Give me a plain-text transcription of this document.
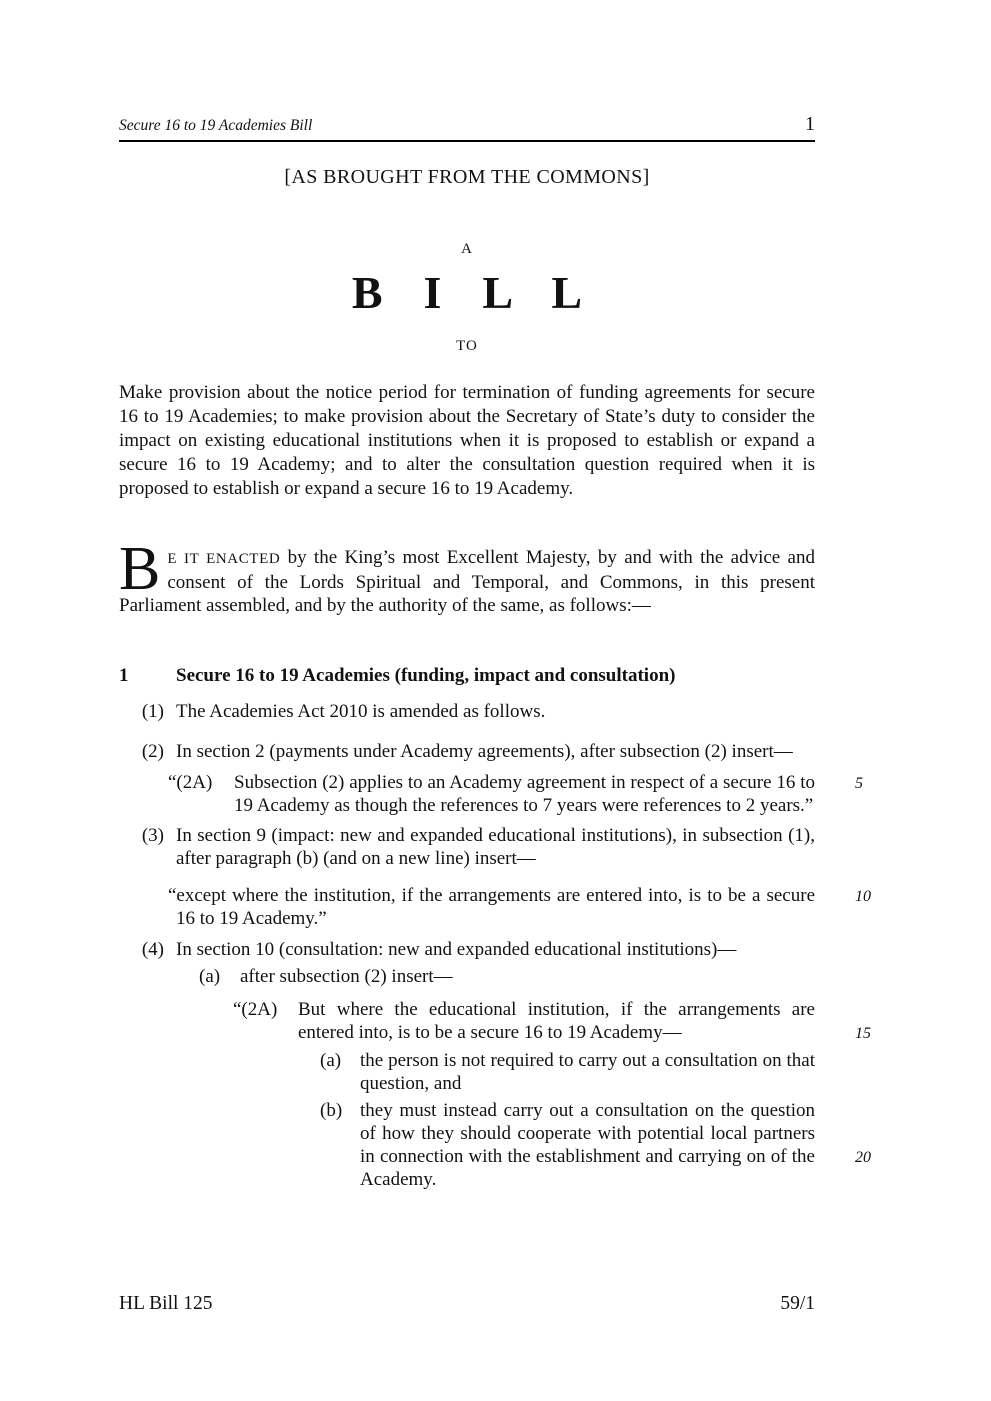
Secure 16 to 19 Academies Bill	1

[AS BROUGHT FROM THE COMMONS]

A

B I L L

TO

Make provision about the notice period for termination of funding agreements for secure 16 to 19 Academies; to make provision about the Secretary of State’s duty to consider the impact on existing educational institutions when it is proposed to establish or expand a secure 16 to 19 Academy; and to alter the consultation question required when it is proposed to establish or expand a secure 16 to 19 Academy.

B E IT ENACTED by the King’s most Excellent Majesty, by and with the advice and consent of the Lords Spiritual and Temporal, and Commons, in this present Parliament assembled, and by the authority of the same, as follows:—

1	Secure 16 to 19 Academies (funding, impact and consultation)

(1) The Academies Act 2010 is amended as follows.

(2) In section 2 (payments under Academy agreements), after subsection (2) insert—

“(2A) Subsection (2) applies to an Academy agreement in respect of a secure 16 to 19 Academy as though the references to 7 years were references to 2 years.”

5

(3) In section 9 (impact: new and expanded educational institutions), in subsection (1), after paragraph (b) (and on a new line) insert—

“except where the institution, if the arrangements are entered into, is to be a secure 16 to 19 Academy.”

10

(4) In section 10 (consultation: new and expanded educational institutions)—

(a) after subsection (2) insert—

“(2A) But where the educational institution, if the arrangements are entered into, is to be a secure 16 to 19 Academy—	15

(a) the person is not required to carry out a consultation on that question, and

(b) they must instead carry out a consultation on the question of how they should cooperate with potential local partners in connection with the establishment and carrying on of the Academy.

20
HL Bill 125	59/1
